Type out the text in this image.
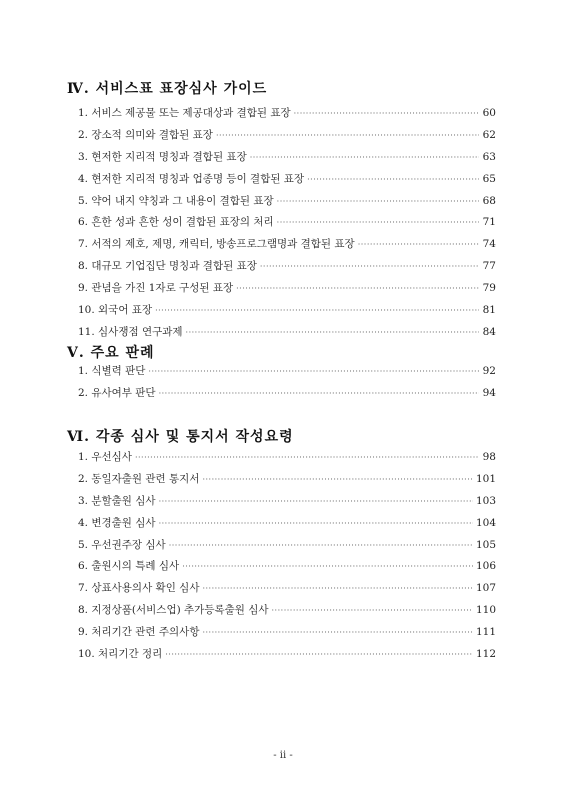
Ⅳ. 서비스표 표장심사 가이드
1. 서비스 제공물 또는 제공대상과 결합된 표장 ·····	60
2. 장소적 의미와 결합된 표장 ·····	62
3. 현저한 지리적 명칭과 결합된 표장 ·····	63
4. 현저한 지리적 명칭과 업종명 등이 결합된 표장 ·····	65
5. 약어 내지 약칭과 그 내용이 결합된 표장 ·····	68
6. 흔한 성과 흔한 성이 결합된 표장의 처리 ·····	71
7. 서적의 제호, 제명, 캐릭터, 방송프로그램명과 결합된 표장 ·····	74
8. 대규모 기업집단 명칭과 결합된 표장 ·····	77
9. 관념을 가진 1자로 구성된 표장 ·····	79
10. 외국어 표장 ·····	81
11. 심사쟁점 연구과제 ·····	84
Ⅴ. 주요 판례
1. 식별력 판단 ·····	92
2. 유사여부 판단 ·····	94
Ⅵ. 각종 심사 및 통지서 작성요령
1. 우선심사 ·····	98
2. 동일자출원 관련 통지서 ·····	101
3. 분할출원 심사 ·····	103
4. 변경출원 심사 ·····	104
5. 우선권주장 심사 ·····	105
6. 출원시의 특례 심사 ·····	106
7. 상표사용의사 확인 심사 ·····	107
8. 지정상품(서비스업) 추가등록출원 심사 ·····	110
9. 처리기간 관련 주의사항 ·····	111
10. 처리기간 정리 ·····	112
- ii -
